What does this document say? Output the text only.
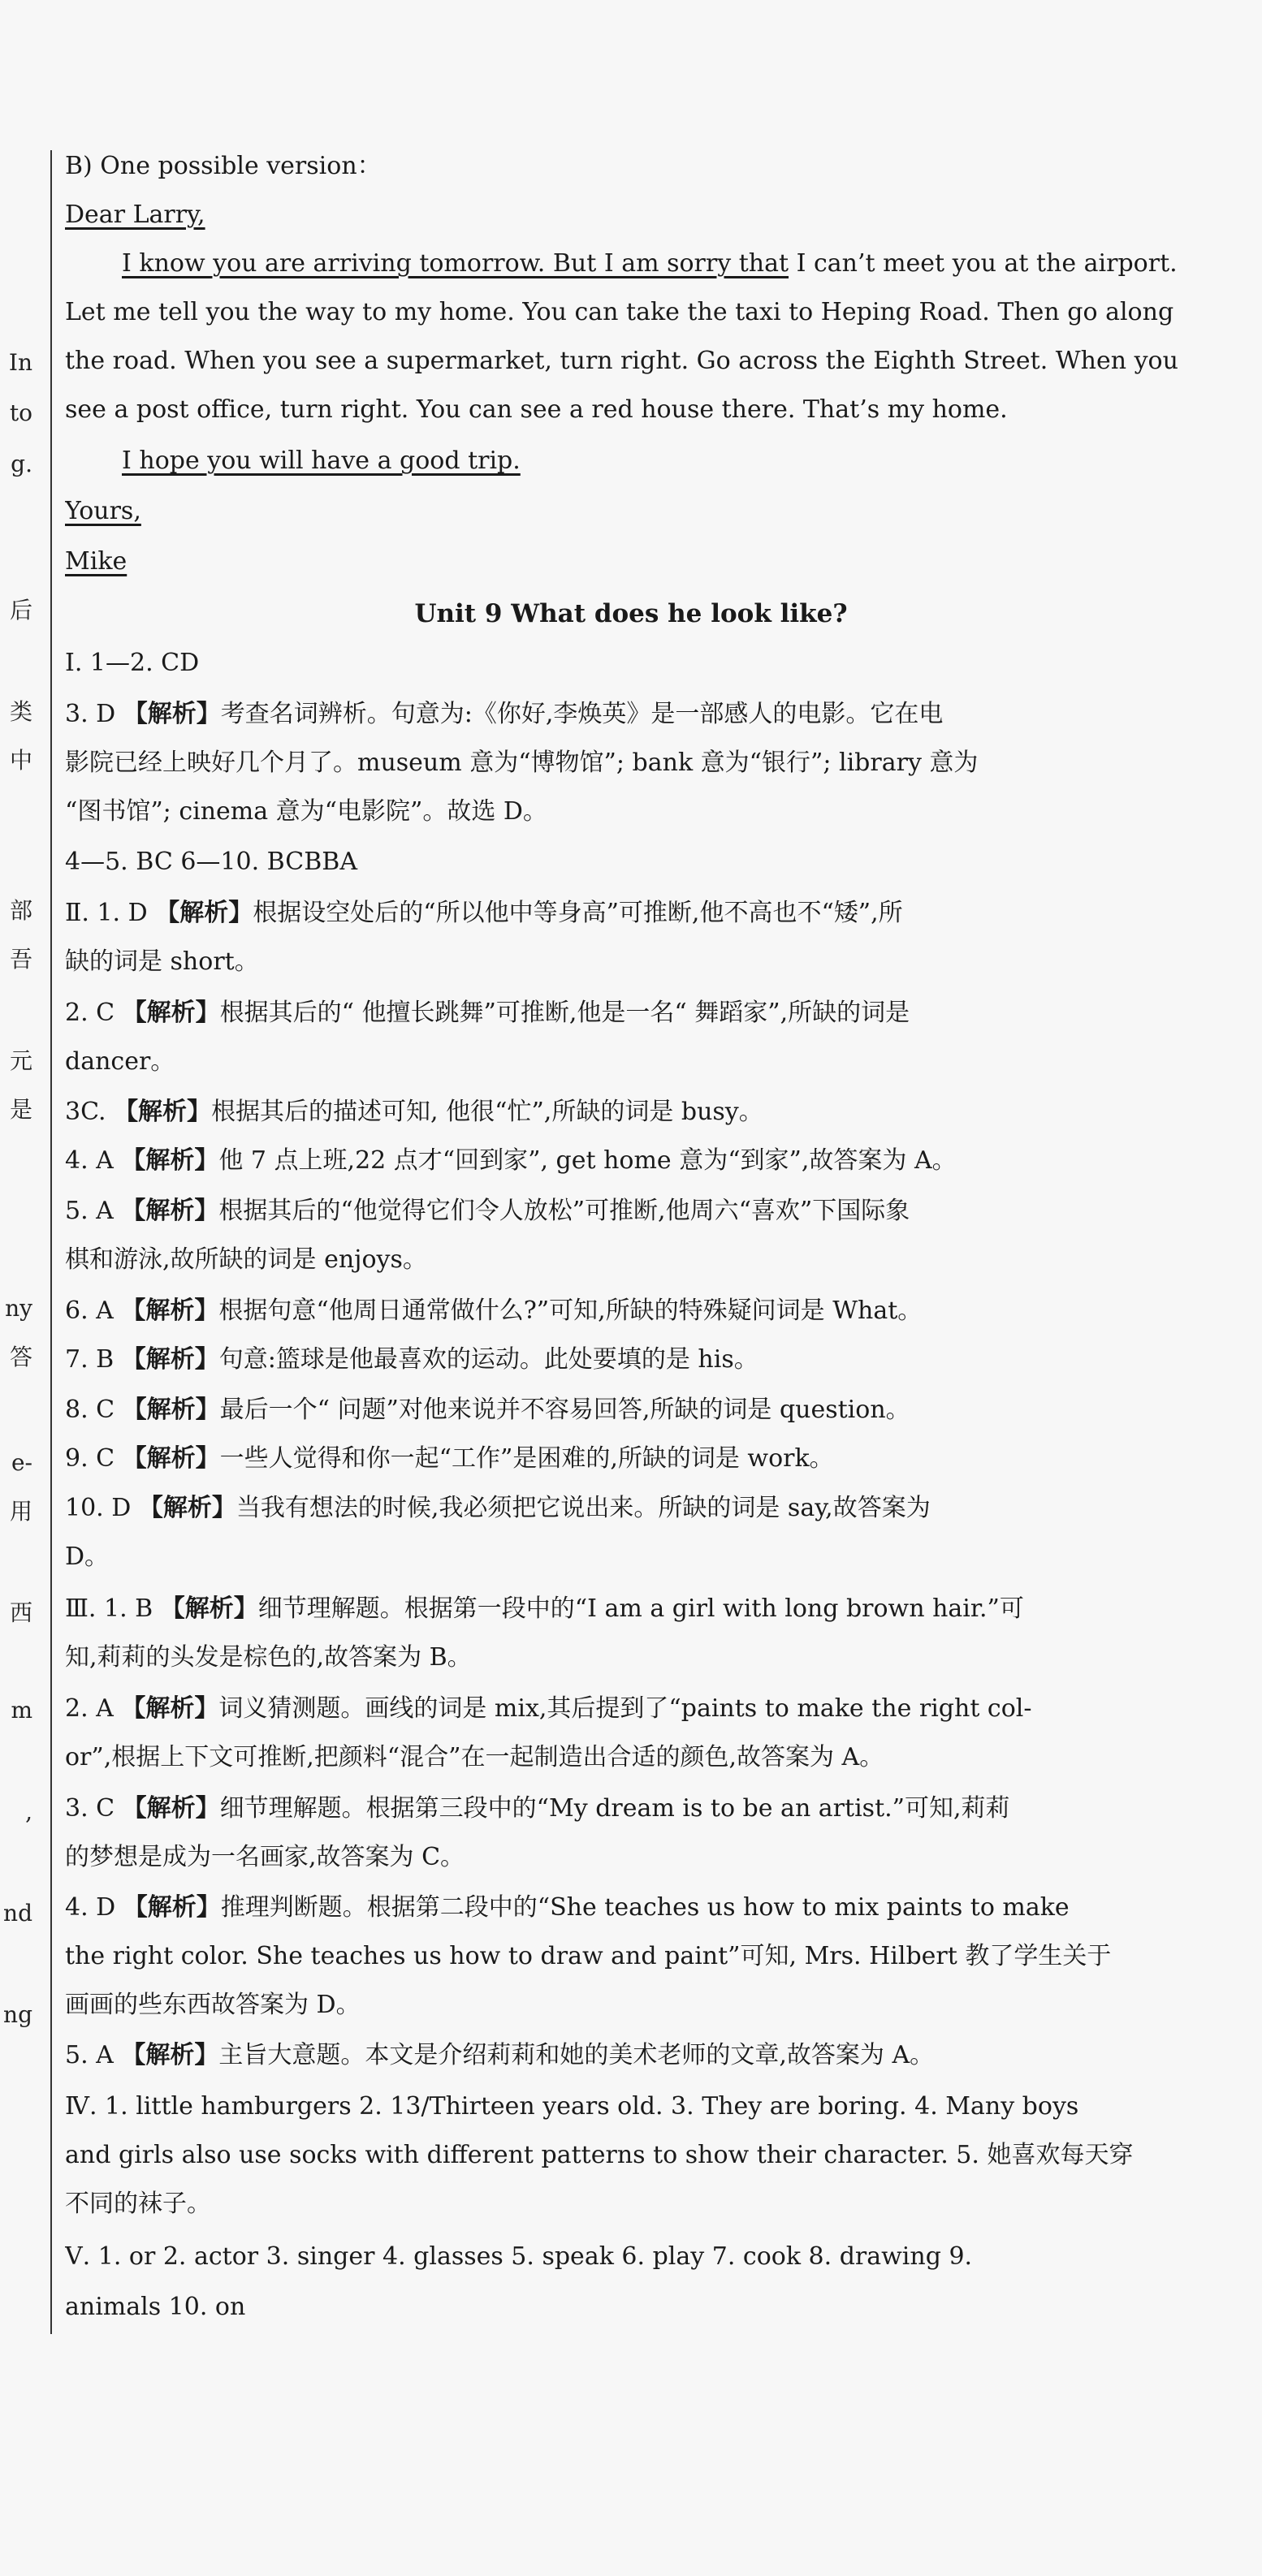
In
to
g.
后
类
中
部
吾
元
是
ny
答
e-
用
西
m
,
nd
ng
B) One possible version：
Dear Larry,
I know you are arriving tomorrow. But I am sorry that I can’t meet you at the airport.
Let me tell you the way to my home. You can take the taxi to Heping Road. Then go along
the road. When you see a supermarket, turn right. Go across the Eighth Street. When you
see a post office, turn right. You can see a red house there. That’s my home.
I hope you will have a good trip.
Yours,
Mike
Unit 9 What does he look like?
Ⅰ. 1—2. CD
3. D 【解析】考查名词辨析。句意为:《你好,李焕英》是一部感人的电影。它在电
影院已经上映好几个月了。museum 意为“博物馆”; bank 意为“银行”; library 意为
“图书馆”; cinema 意为“电影院”。故选 D。
4—5. BC 6—10. BCBBA
Ⅱ. 1. D 【解析】根据设空处后的“所以他中等身高”可推断,他不高也不“矮”,所
缺的词是 short。
2. C 【解析】根据其后的“ 他擅长跳舞”可推断,他是一名“ 舞蹈家”,所缺的词是
dancer。
3C. 【解析】根据其后的描述可知, 他很“忙”,所缺的词是 busy。
4. A 【解析】他 7 点上班,22 点才“回到家”, get home 意为“到家”,故答案为 A。
5. A 【解析】根据其后的“他觉得它们令人放松”可推断,他周六“喜欢”下国际象
棋和游泳,故所缺的词是 enjoys。
6. A 【解析】根据句意“他周日通常做什么?”可知,所缺的特殊疑问词是 What。
7. B 【解析】句意:篮球是他最喜欢的运动。此处要填的是 his。
8. C 【解析】最后一个“ 问题”对他来说并不容易回答,所缺的词是 question。
9. C 【解析】一些人觉得和你一起“工作”是困难的,所缺的词是 work。
10. D 【解析】当我有想法的时候,我必须把它说出来。所缺的词是 say,故答案为
D。
Ⅲ. 1. B 【解析】细节理解题。根据第一段中的“I am a girl with long brown hair.”可
知,莉莉的头发是棕色的,故答案为 B。
2. A 【解析】词义猜测题。画线的词是 mix,其后提到了“paints to make the right col-
or”,根据上下文可推断,把颜料“混合”在一起制造出合适的颜色,故答案为 A。
3. C 【解析】细节理解题。根据第三段中的“My dream is to be an artist.”可知,莉莉
的梦想是成为一名画家,故答案为 C。
4. D 【解析】推理判断题。根据第二段中的“She teaches us how to mix paints to make
the right color. She teaches us how to draw and paint”可知, Mrs. Hilbert 教了学生关于
画画的些东西故答案为 D。
5. A 【解析】主旨大意题。本文是介绍莉莉和她的美术老师的文章,故答案为 A。
Ⅳ. 1. little hamburgers 2. 13/Thirteen years old. 3. They are boring. 4. Many boys
and girls also use socks with different patterns to show their character. 5. 她喜欢每天穿
不同的袜子。
Ⅴ. 1. or 2. actor 3. singer 4. glasses 5. speak 6. play 7. cook 8. drawing 9.
animals 10. on
